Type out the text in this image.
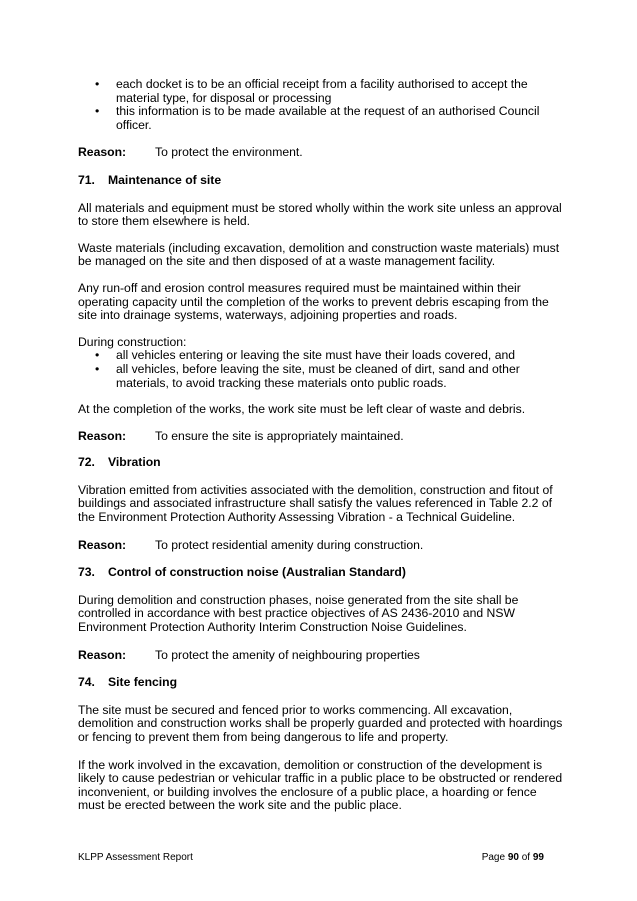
• each docket is to be an official receipt from a facility authorised to accept the material type, for disposal or processing
• this information is to be made available at the request of an authorised Council officer.

Reason:	To protect the environment.

71.	Maintenance of site

All materials and equipment must be stored wholly within the work site unless an approval to store them elsewhere is held.

Waste materials (including excavation, demolition and construction waste materials) must be managed on the site and then disposed of at a waste management facility.

Any run-off and erosion control measures required must be maintained within their operating capacity until the completion of the works to prevent debris escaping from the site into drainage systems, waterways, adjoining properties and roads.

During construction:

• all vehicles entering or leaving the site must have their loads covered, and
• all vehicles, before leaving the site, must be cleaned of dirt, sand and other materials, to avoid tracking these materials onto public roads.

At the completion of the works, the work site must be left clear of waste and debris.

Reason:	To ensure the site is appropriately maintained.

72.	Vibration

Vibration emitted from activities associated with the demolition, construction and fitout of buildings and associated infrastructure shall satisfy the values referenced in Table 2.2 of the Environment Protection Authority Assessing Vibration - a Technical Guideline.

Reason:	To protect residential amenity during construction.

73.	Control of construction noise (Australian Standard)

During demolition and construction phases, noise generated from the site shall be controlled in accordance with best practice objectives of AS 2436-2010 and NSW Environment Protection Authority Interim Construction Noise Guidelines.

Reason:	To protect the amenity of neighbouring properties

74.	Site fencing

The site must be secured and fenced prior to works commencing. All excavation, demolition and construction works shall be properly guarded and protected with hoardings or fencing to prevent them from being dangerous to life and property.

If the work involved in the excavation, demolition or construction of the development is likely to cause pedestrian or vehicular traffic in a public place to be obstructed or rendered inconvenient, or building involves the enclosure of a public place, a hoarding or fence must be erected between the work site and the public place.

KLPP Assessment Report	Page 90 of 99
